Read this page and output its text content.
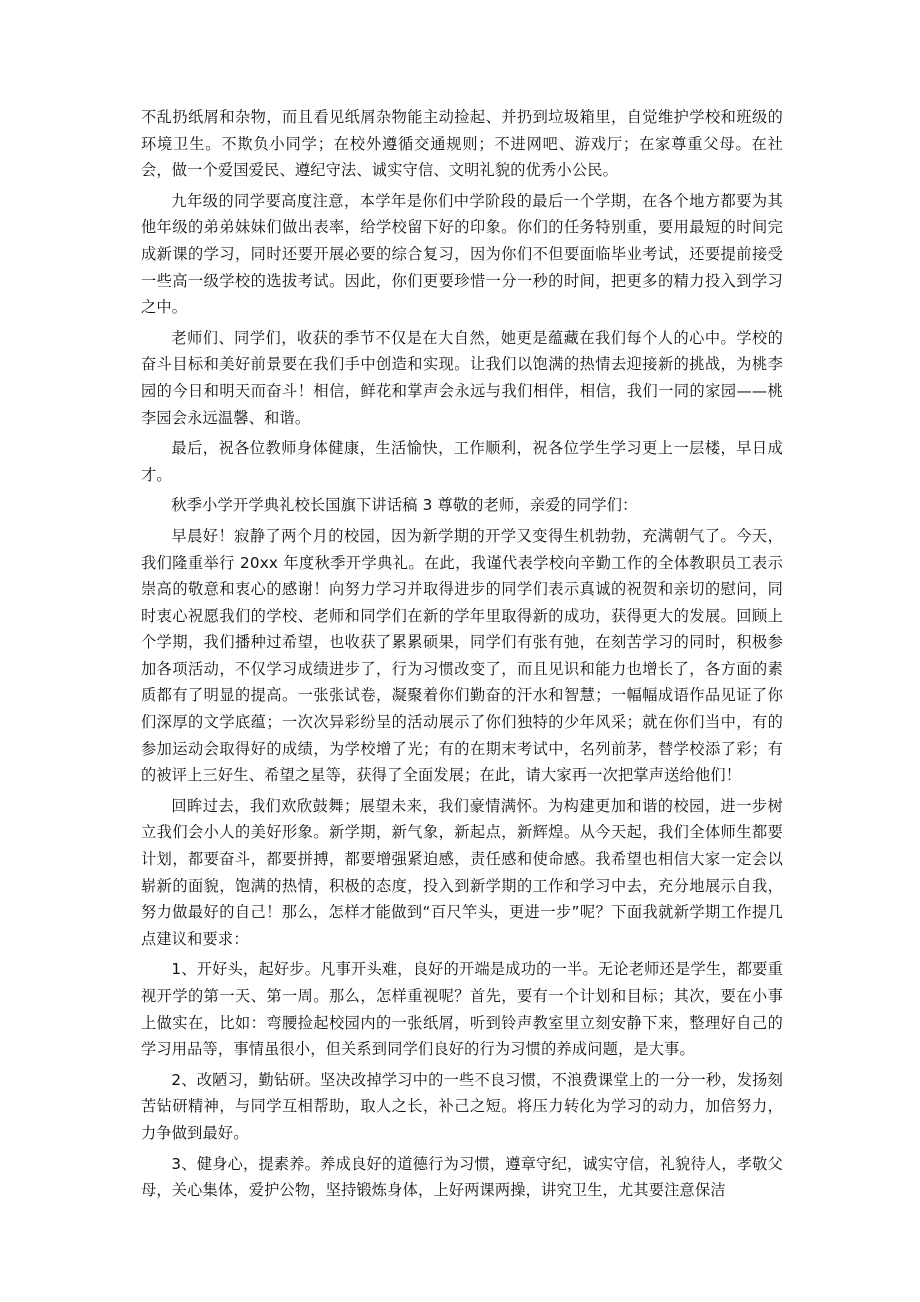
不乱扔纸屑和杂物，而且看见纸屑杂物能主动捡起、并扔到垃圾箱里，自觉维护学校和班级的环境卫生。不欺负小同学；在校外遵循交通规则；不进网吧、游戏厅；在家尊重父母。在社会，做一个爱国爱民、遵纪守法、诚实守信、文明礼貌的优秀小公民。

九年级的同学要高度注意，本学年是你们中学阶段的最后一个学期，在各个地方都要为其他年级的弟弟妹妹们做出表率，给学校留下好的印象。你们的任务特别重，要用最短的时间完成新课的学习，同时还要开展必要的综合复习，因为你们不但要面临毕业考试，还要提前接受一些高一级学校的选拔考试。因此，你们更要珍惜一分一秒的时间，把更多的精力投入到学习之中。

老师们、同学们，收获的季节不仅是在大自然，她更是蕴藏在我们每个人的心中。学校的奋斗目标和美好前景要在我们手中创造和实现。让我们以饱满的热情去迎接新的挑战，为桃李园的今日和明天而奋斗！相信，鲜花和掌声会永远与我们相伴，相信，我们一同的家园——桃李园会永远温馨、和谐。

最后，祝各位教师身体健康，生活愉快，工作顺利，祝各位学生学习更上一层楼，早日成才。

秋季小学开学典礼校长国旗下讲话稿 3 尊敬的老师，亲爱的同学们：

早晨好！寂静了两个月的校园，因为新学期的开学又变得生机勃勃，充满朝气了。今天，我们隆重举行 20xx 年度秋季开学典礼。在此，我谨代表学校向辛勤工作的全体教职员工表示崇高的敬意和衷心的感谢！向努力学习并取得进步的同学们表示真诚的祝贺和亲切的慰问，同时衷心祝愿我们的学校、老师和同学们在新的学年里取得新的成功，获得更大的发展。回顾上个学期，我们播种过希望，也收获了累累硕果，同学们有张有弛，在刻苦学习的同时，积极参加各项活动，不仅学习成绩进步了，行为习惯改变了，而且见识和能力也增长了，各方面的素质都有了明显的提高。一张张试卷，凝聚着你们勤奋的汗水和智慧；一幅幅成语作品见证了你们深厚的文学底蕴；一次次异彩纷呈的活动展示了你们独特的少年风采；就在你们当中，有的参加运动会取得好的成绩，为学校增了光；有的在期末考试中，名列前茅，替学校添了彩；有的被评上三好生、希望之星等，获得了全面发展；在此，请大家再一次把掌声送给他们！

回眸过去，我们欢欣鼓舞；展望未来，我们豪情满怀。为构建更加和谐的校园，进一步树立我们会小人的美好形象。新学期，新气象，新起点，新辉煌。从今天起，我们全体师生都要计划，都要奋斗，都要拼搏，都要增强紧迫感，责任感和使命感。我希望也相信大家一定会以崭新的面貌，饱满的热情，积极的态度，投入到新学期的工作和学习中去，充分地展示自我，努力做最好的自己！那么，怎样才能做到“百尺竿头，更进一步”呢？下面我就新学期工作提几点建议和要求：

1、开好头，起好步。凡事开头难，良好的开端是成功的一半。无论老师还是学生，都要重视开学的第一天、第一周。那么，怎样重视呢？首先，要有一个计划和目标；其次，要在小事上做实在，比如：弯腰捡起校园内的一张纸屑，听到铃声教室里立刻安静下来，整理好自己的学习用品等，事情虽很小，但关系到同学们良好的行为习惯的养成问题，是大事。

2、改陋习，勤钻研。坚决改掉学习中的一些不良习惯，不浪费课堂上的一分一秒，发扬刻苦钻研精神，与同学互相帮助，取人之长，补己之短。将压力转化为学习的动力，加倍努力，力争做到最好。

3、健身心，提素养。养成良好的道德行为习惯，遵章守纪，诚实守信，礼貌待人，孝敬父母，关心集体，爱护公物，坚持锻炼身体，上好两课两操，讲究卫生，尤其要注意保洁
